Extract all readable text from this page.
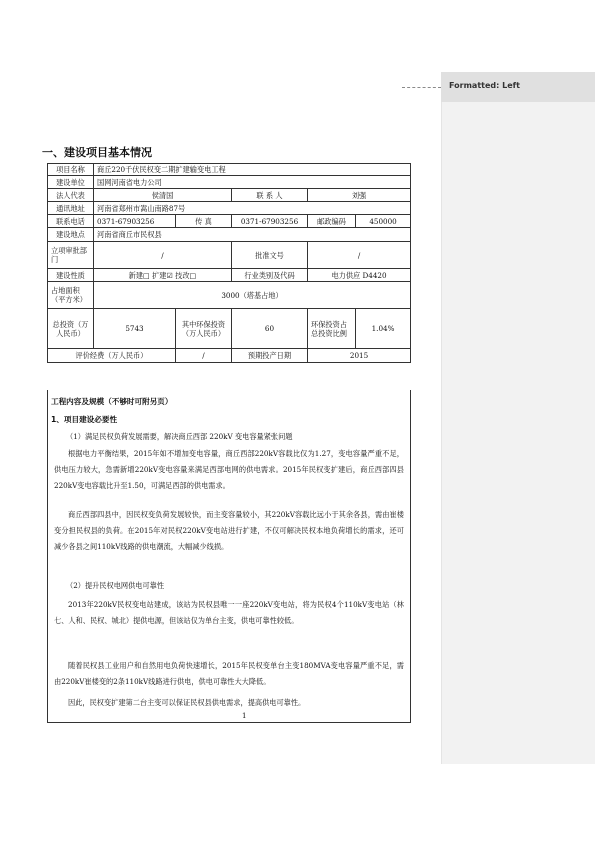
Formatted: Left
一、建设项目基本情况
项目名称	商丘220千伏民权变二期扩建输变电工程				
建设单位	国网河南省电力公司				
法人代表	侯清国		联 系 人	刘强	
通讯地址	河南省郑州市嵩山南路87号				
联系电话	0371-67903256	传 真	0371-67903256	邮政编码	450000
建设地点	河南省商丘市民权县				
立项审批部门	/		批准文号	/	
建设性质	新建□ 扩建☑ 技改□		行业类别及代码	电力供应 D4420	
占地面积（平方米）	3000（塔基占地）				
总投资（万人民币）	5743	其中环保投资（万人民币）	60	环保投资占总投资比例	1.04%
评价经费（万人民币）		/	预期投产日期	2015	
工程内容及规模（不够时可附另页）
1、项目建设必要性
（1）满足民权负荷发展需要，解决商丘西部 220kV 变电容量紧张问题
根据电力平衡结果，2015年如不增加变电容量，商丘西部220kV容载比仅为1.27，变电容量严重不足，供电压力较大，急需新增220kV变电容量来满足西部电网的供电需求。2015年民权变扩建后，商丘西部四县220kV变电容载比升至1.50，可满足西部的供电需求。
商丘西部四县中，因民权变负荷发展较快，而主变容量较小，其220kV容载比远小于其余各县，需由崔楼变分担民权县的负荷。在2015年对民权220kV变电站进行扩建，不仅可解决民权本地负荷增长的需求，还可减少各县之间110kV线路的供电潮流，大幅减少线损。
（2）提升民权电网供电可靠性
2013年220kV民权变电站建成，该站为民权县唯一一座220kV变电站，将为民权4个110kV变电站（林七、人和、民权、城北）提供电源，但该站仅为单台主变，供电可靠性较低。
随着民权县工业用户和自然用电负荷快速增长，2015年民权变单台主变180MVA变电容量严重不足，需由220kV崔楼变的2条110kV线路进行供电，供电可靠性大大降低。
因此，民权变扩建第二台主变可以保证民权县供电需求，提高供电可靠性。
1
